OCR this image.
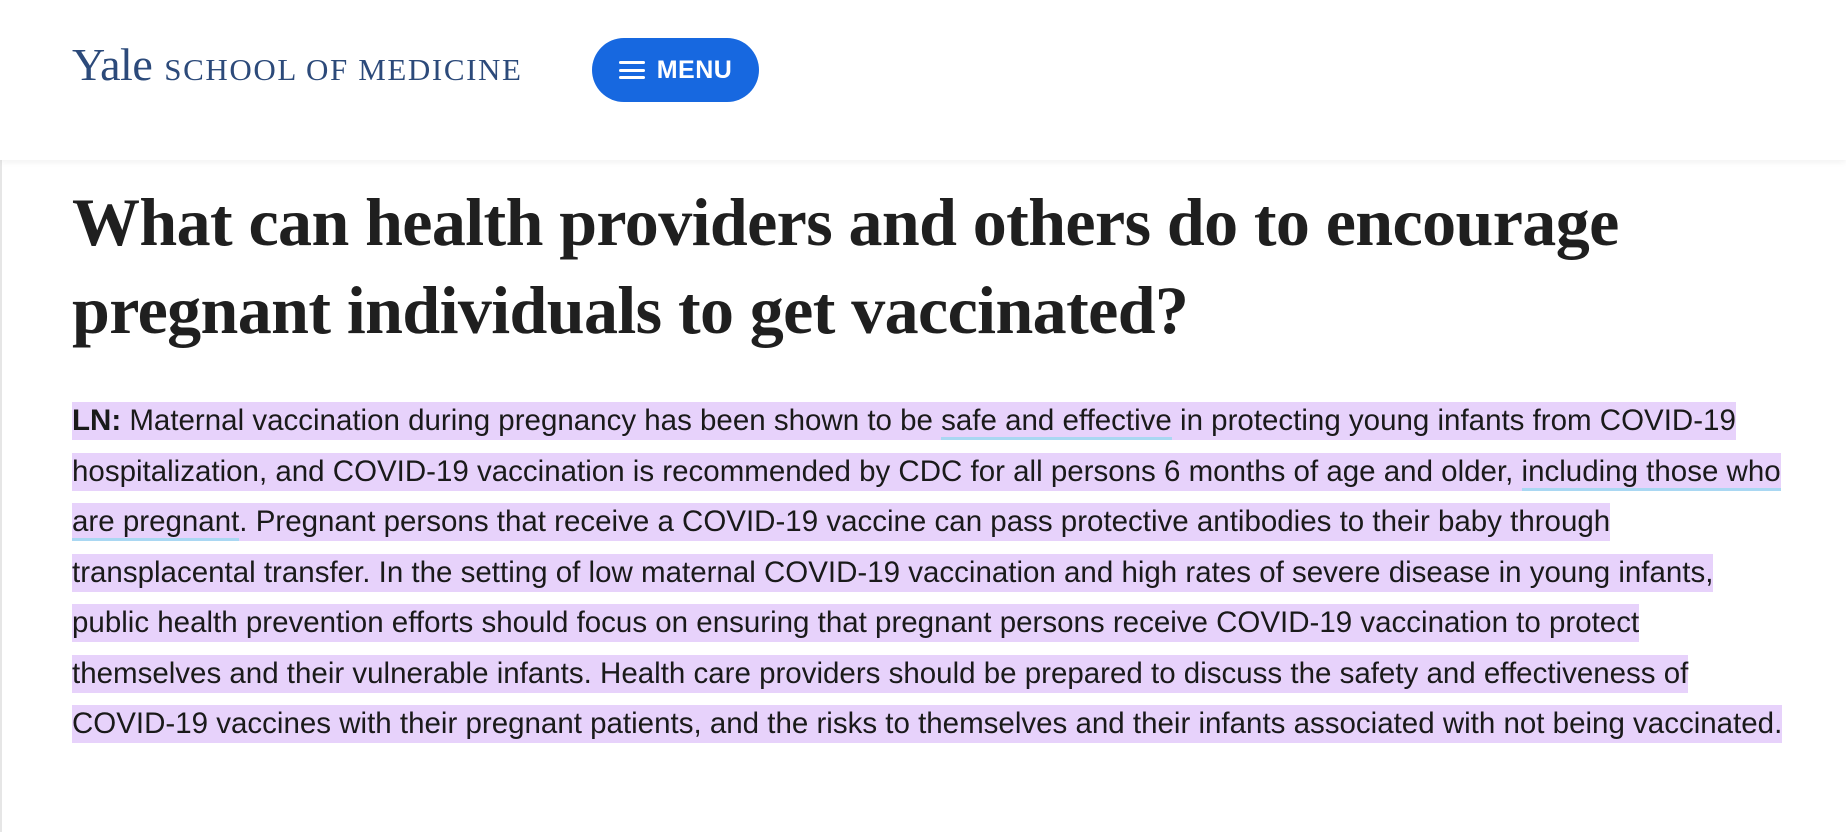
Yale SCHOOL OF MEDICINE	MENU
What can health providers and others do to encourage pregnant individuals to get vaccinated?

LN: Maternal vaccination during pregnancy has been shown to be safe and effective in protecting young infants from COVID-19 hospitalization, and COVID-19 vaccination is recommended by CDC for all persons 6 months of age and older, including those who are pregnant. Pregnant persons that receive a COVID-19 vaccine can pass protective antibodies to their baby through transplacental transfer. In the setting of low maternal COVID-19 vaccination and high rates of severe disease in young infants, public health prevention efforts should focus on ensuring that pregnant persons receive COVID-19 vaccination to protect themselves and their vulnerable infants. Health care providers should be prepared to discuss the safety and effectiveness of COVID-19 vaccines with their pregnant patients, and the risks to themselves and their infants associated with not being vaccinated.
